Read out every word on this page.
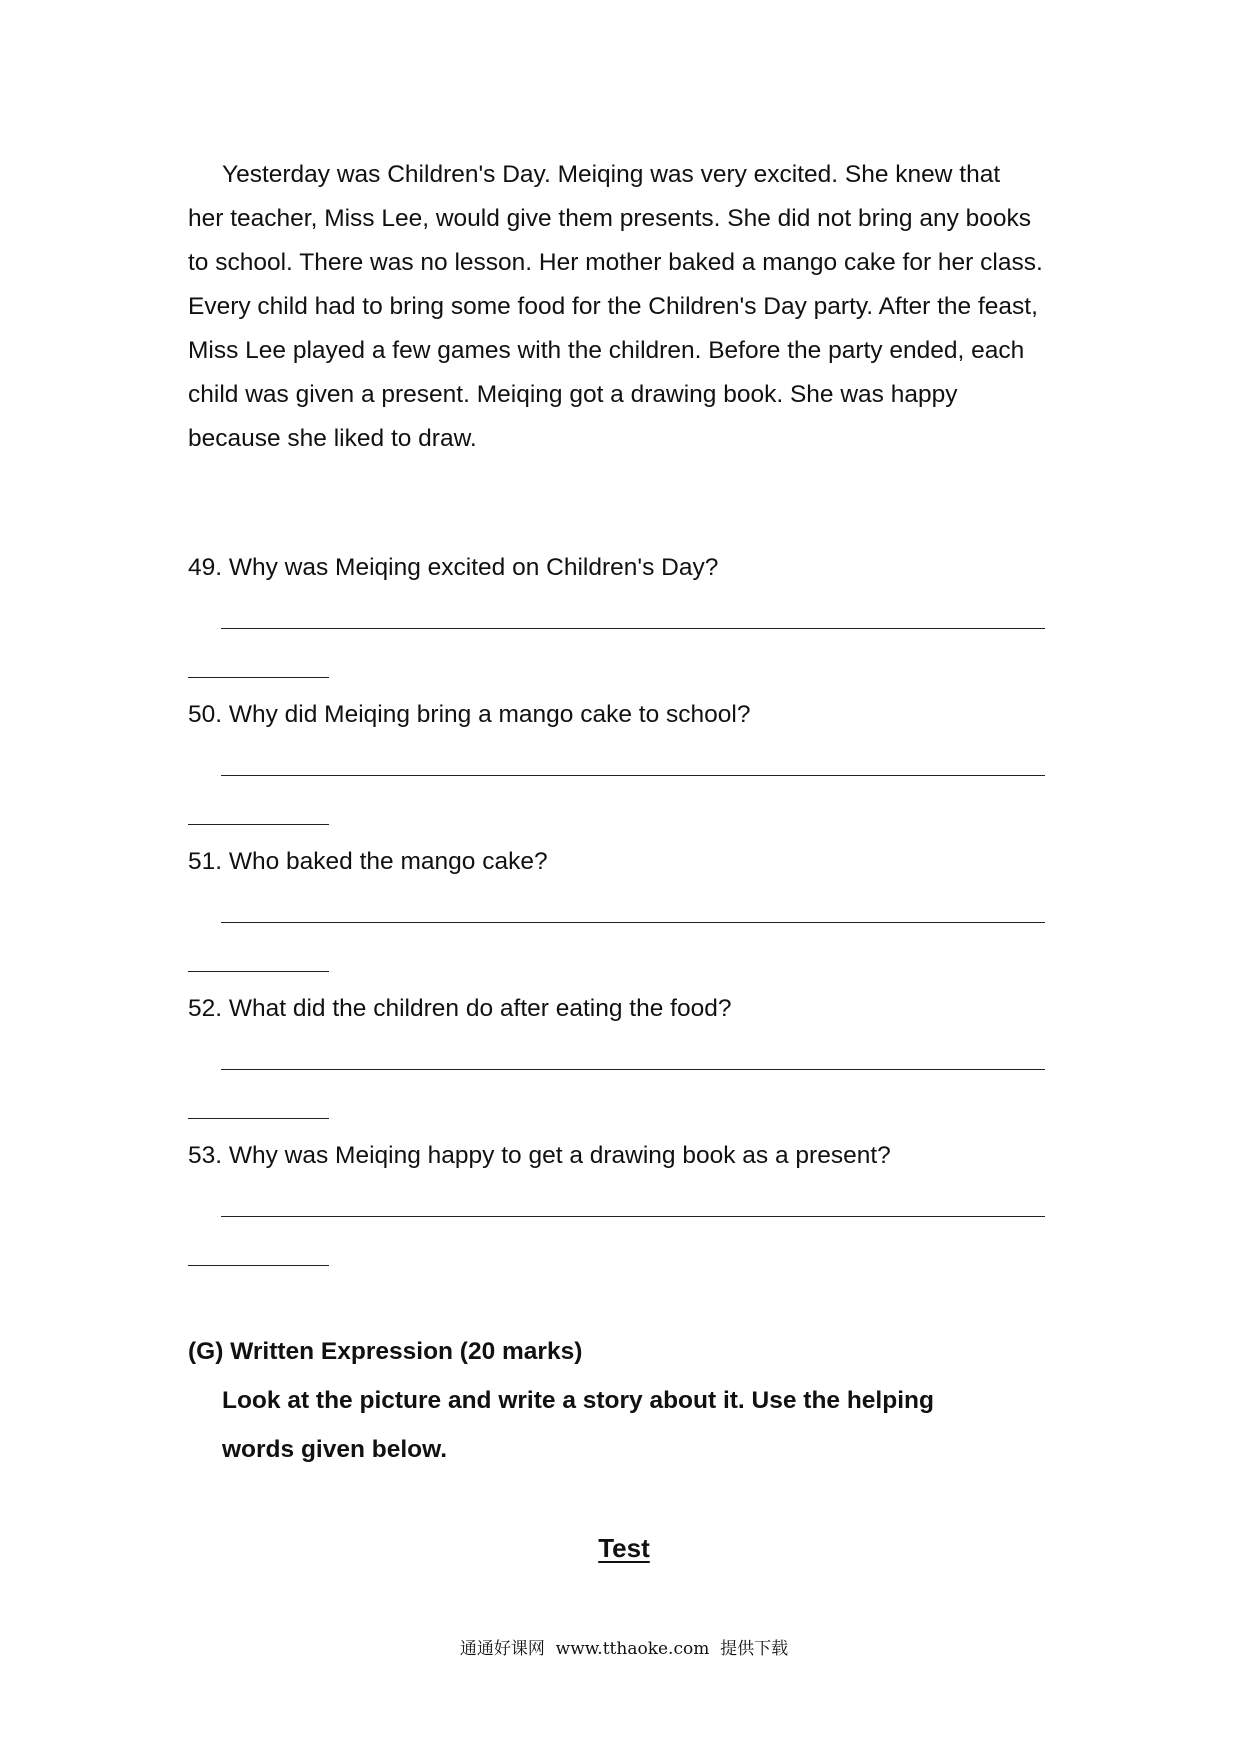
Yesterday was Children's Day. Meiqing was very excited. She knew that
her teacher, Miss Lee, would give them presents. She did not bring any books
to school. There was no lesson. Her mother baked a mango cake for her class.
Every child had to bring some food for the Children's Day party. After the feast,
Miss Lee played a few games with the children. Before the party ended, each
child was given a present. Meiqing got a drawing book. She was happy
because she liked to draw.
49. Why was Meiqing excited on Children's Day?
50. Why did Meiqing bring a mango cake to school?
51. Who baked the mango cake?
52. What did the children do after eating the food?
53. Why was Meiqing happy to get a drawing book as a present?
(G) Written Expression (20 marks)
Look at the picture and write a story about it. Use the helping
words given below.
Test
通通好课网  www.tthaoke.com  提供下载
